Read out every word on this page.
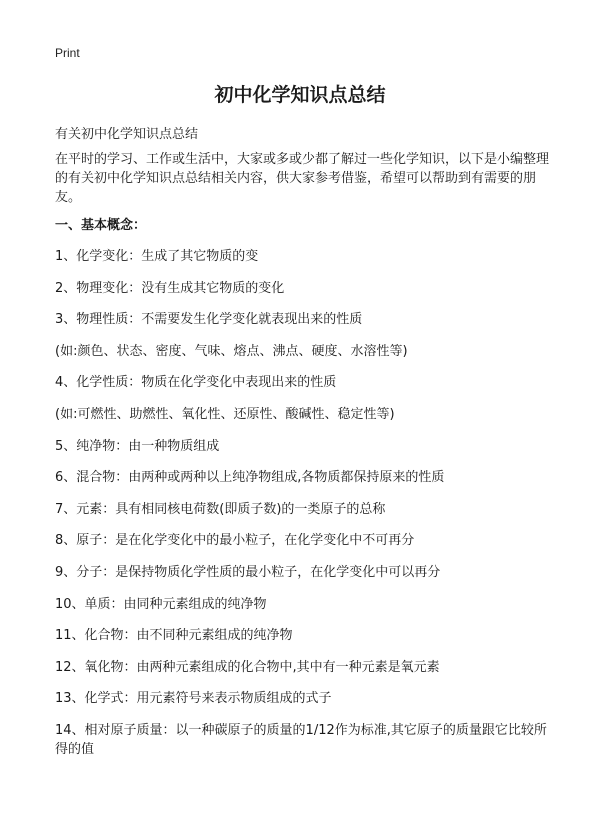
Print
初中化学知识点总结

有关初中化学知识点总结

在平时的学习、工作或生活中，大家或多或少都了解过一些化学知识，以下是小编整理的有关初中化学知识点总结相关内容，供大家参考借鉴，希望可以帮助到有需要的朋友。

一、基本概念：
1、化学变化：生成了其它物质的变
2、物理变化：没有生成其它物质的变化
3、物理性质：不需要发生化学变化就表现出来的性质
(如:颜色、状态、密度、气味、熔点、沸点、硬度、水溶性等)
4、化学性质：物质在化学变化中表现出来的性质
(如:可燃性、助燃性、氧化性、还原性、酸碱性、稳定性等)
5、纯净物：由一种物质组成
6、混合物：由两种或两种以上纯净物组成,各物质都保持原来的性质
7、元素：具有相同核电荷数(即质子数)的一类原子的总称
8、原子：是在化学变化中的最小粒子，在化学变化中不可再分
9、分子：是保持物质化学性质的最小粒子，在化学变化中可以再分
10、单质：由同种元素组成的纯净物
11、化合物：由不同种元素组成的纯净物
12、氧化物：由两种元素组成的化合物中,其中有一种元素是氧元素
13、化学式：用元素符号来表示物质组成的式子
14、相对原子质量：以一种碳原子的质量的1/12作为标准,其它原子的质量跟它比较所得的值
